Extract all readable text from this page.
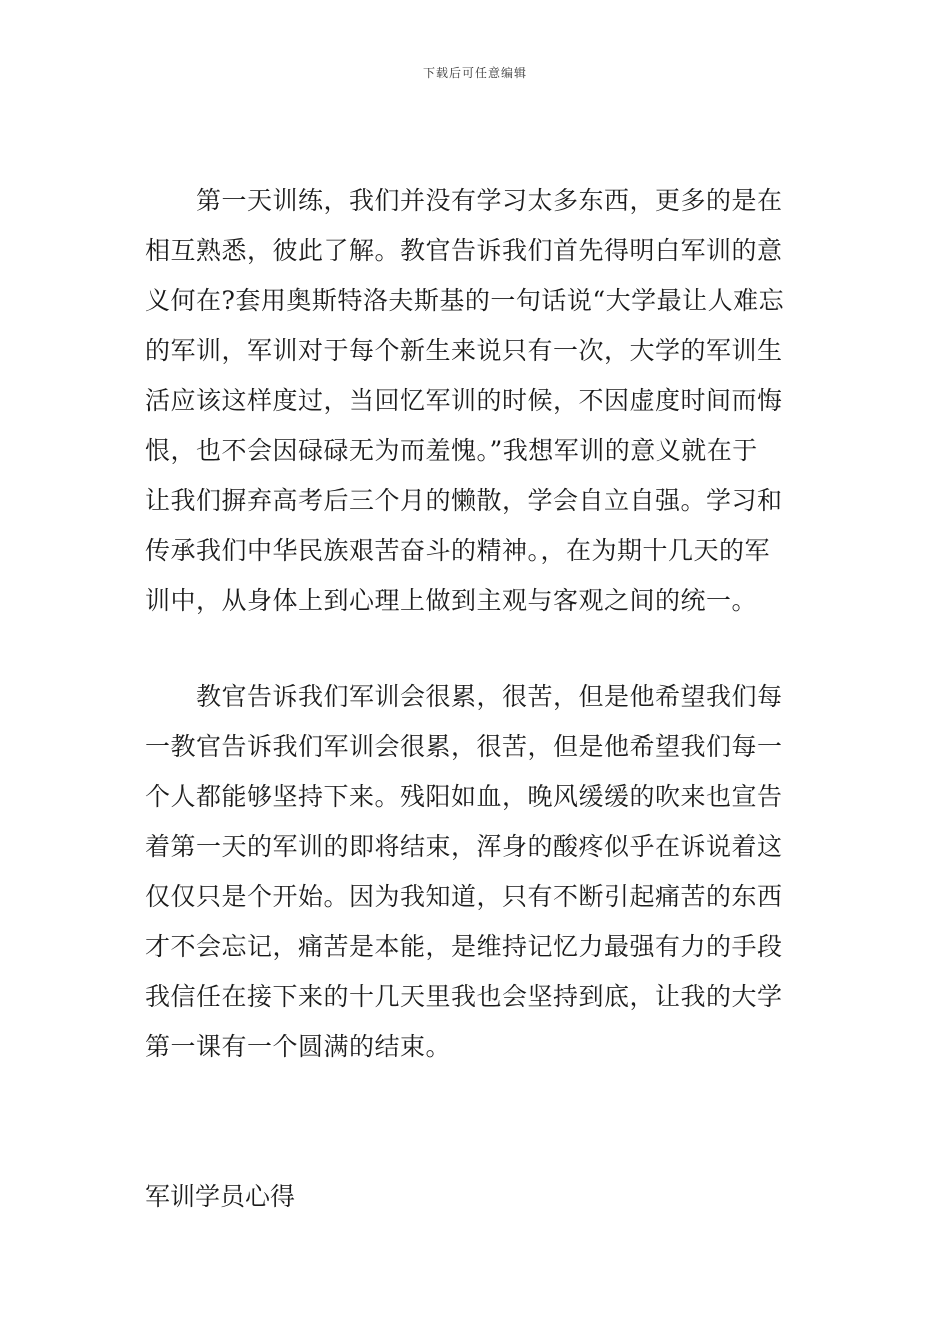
下载后可任意编辑
　　第一天训练，我们并没有学习太多东西，更多的是在
相互熟悉，彼此了解。教官告诉我们首先得明白军训的意
义何在?套用奥斯特洛夫斯基的一句话说“大学最让人难忘
的军训，军训对于每个新生来说只有一次，大学的军训生
活应该这样度过，当回忆军训的时候，不因虚度时间而悔
恨，也不会因碌碌无为而羞愧。”我想军训的意义就在于
让我们摒弃高考后三个月的懒散，学会自立自强。学习和
传承我们中华民族艰苦奋斗的精神。，在为期十几天的军
训中，从身体上到心理上做到主观与客观之间的统一。
　　教官告诉我们军训会很累，很苦，但是他希望我们每
一教官告诉我们军训会很累，很苦，但是他希望我们每一
个人都能够坚持下来。残阳如血，晚风缓缓的吹来也宣告
着第一天的军训的即将结束，浑身的酸疼似乎在诉说着这
仅仅只是个开始。因为我知道，只有不断引起痛苦的东西
才不会忘记，痛苦是本能，是维持记忆力最强有力的手段
我信任在接下来的十几天里我也会坚持到底，让我的大学
第一课有一个圆满的结束。
军训学员心得
